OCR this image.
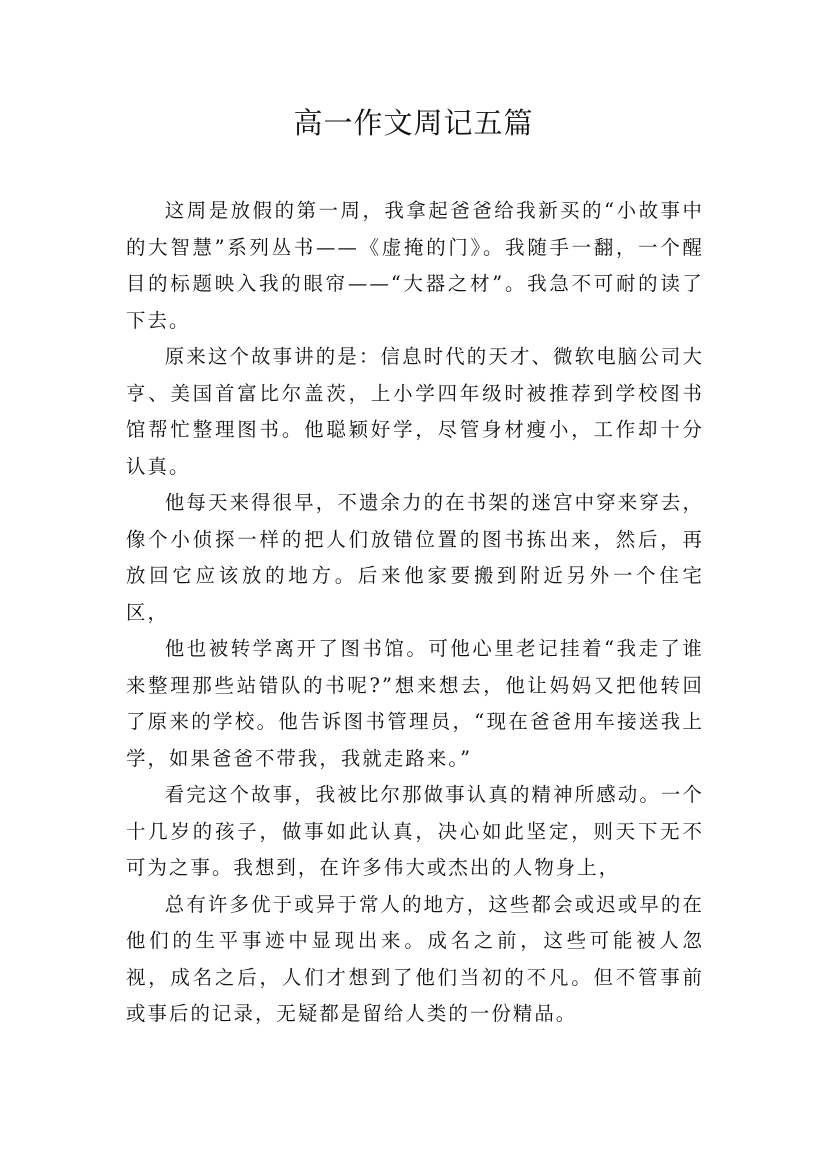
高一作文周记五篇

这周是放假的第一周，我拿起爸爸给我新买的“小故事中的大智慧”系列丛书——《虚掩的门》。我随手一翻，一个醒目的标题映入我的眼帘——“大器之材”。我急不可耐的读了下去。

原来这个故事讲的是：信息时代的天才、微软电脑公司大亨、美国首富比尔盖茨，上小学四年级时被推荐到学校图书馆帮忙整理图书。他聪颖好学，尽管身材瘦小，工作却十分认真。

他每天来得很早，不遗余力的在书架的迷宫中穿来穿去，像个小侦探一样的把人们放错位置的图书拣出来，然后，再放回它应该放的地方。后来他家要搬到附近另外一个住宅区，

他也被转学离开了图书馆。可他心里老记挂着“我走了谁来整理那些站错队的书呢?”想来想去，他让妈妈又把他转回了原来的学校。他告诉图书管理员，“现在爸爸用车接送我上学，如果爸爸不带我，我就走路来。”

看完这个故事，我被比尔那做事认真的精神所感动。一个十几岁的孩子，做事如此认真，决心如此坚定，则天下无不可为之事。我想到，在许多伟大或杰出的人物身上，

总有许多优于或异于常人的地方，这些都会或迟或早的在他们的生平事迹中显现出来。成名之前，这些可能被人忽视，成名之后，人们才想到了他们当初的不凡。但不管事前或事后的记录，无疑都是留给人类的一份精品。
